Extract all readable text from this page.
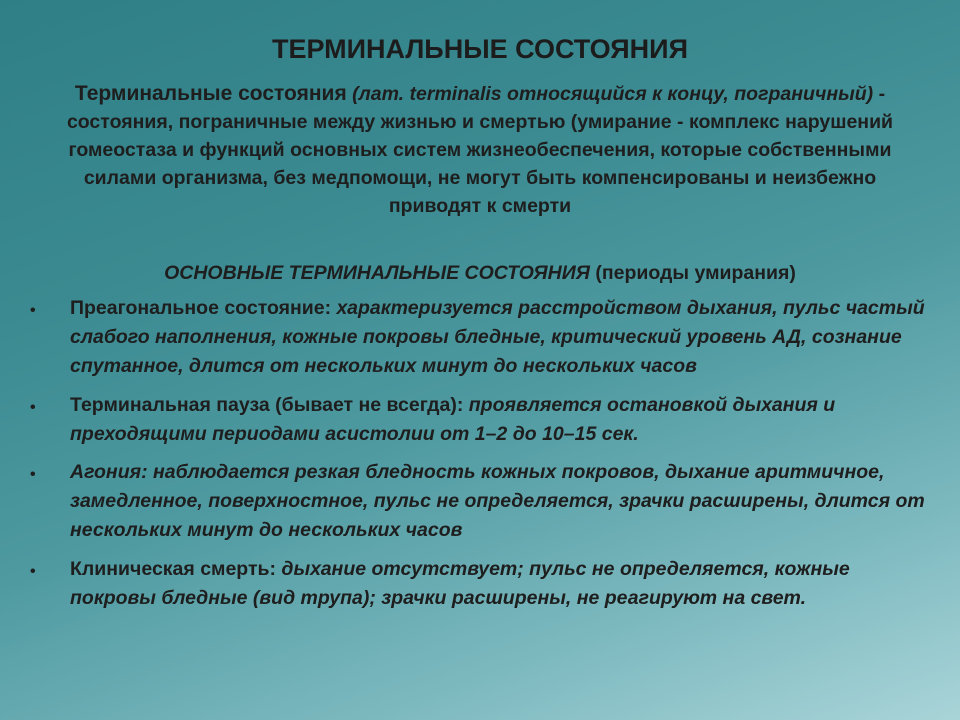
ТЕРМИНАЛЬНЫЕ СОСТОЯНИЯ
Терминальные состояния (лат. terminalis относящийся к концу, пограничный) - состояния, пограничные между жизнью и смертью (умирание - комплекс нарушений гомеостаза и функций основных систем жизнеобеспечения, которые собственными силами организма, без медпомощи, не могут быть компенсированы и неизбежно приводят к смерти
ОСНОВНЫЕ ТЕРМИНАЛЬНЫЕ СОСТОЯНИЯ (периоды умирания)
• Преагональное состояние: характеризуется расстройством дыхания, пульс частый слабого наполнения, кожные покровы бледные, критический уровень АД, сознание спутанное, длится от нескольких минут до нескольких часов
• Терминальная пауза (бывает не всегда): проявляется остановкой дыхания и преходящими периодами асистолии от 1–2 до 10–15 сек.
• Агония: наблюдается резкая бледность кожных покровов, дыхание аритмичное, замедленное, поверхностное, пульс не определяется, зрачки расширены, длится от нескольких минут до нескольких часов
• Клиническая смерть: дыхание отсутствует; пульс не определяется, кожные покровы бледные (вид трупа); зрачки расширены, не реагируют на свет.
